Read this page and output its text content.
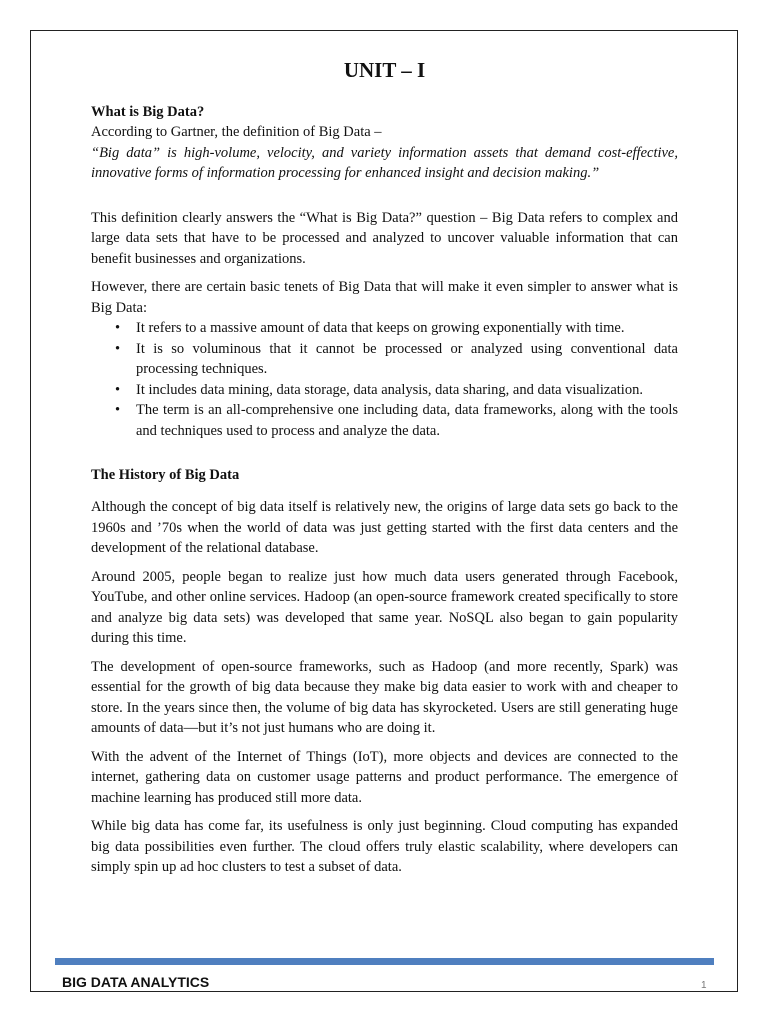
UNIT – I
What is Big Data?

According to Gartner, the definition of Big Data –

“Big data” is high-volume, velocity, and variety information assets that demand cost-effective, innovative forms of information processing for enhanced insight and decision making.”

This definition clearly answers the “What is Big Data?” question – Big Data refers to complex and large data sets that have to be processed and analyzed to uncover valuable information that can benefit businesses and organizations.

However, there are certain basic tenets of Big Data that will make it even simpler to answer what is Big Data:

• It refers to a massive amount of data that keeps on growing exponentially with time.
• It is so voluminous that it cannot be processed or analyzed using conventional data processing techniques.
• It includes data mining, data storage, data analysis, data sharing, and data visualization.
• The term is an all-comprehensive one including data, data frameworks, along with the tools and techniques used to process and analyze the data.
The History of Big Data

Although the concept of big data itself is relatively new, the origins of large data sets go back to the 1960s and ’70s when the world of data was just getting started with the first data centers and the development of the relational database.

Around 2005, people began to realize just how much data users generated through Facebook, YouTube, and other online services. Hadoop (an open-source framework created specifically to store and analyze big data sets) was developed that same year. NoSQL also began to gain popularity during this time.

The development of open-source frameworks, such as Hadoop (and more recently, Spark) was essential for the growth of big data because they make big data easier to work with and cheaper to store. In the years since then, the volume of big data has skyrocketed. Users are still generating huge amounts of data—but it’s not just humans who are doing it.

With the advent of the Internet of Things (IoT), more objects and devices are connected to the internet, gathering data on customer usage patterns and product performance. The emergence of machine learning has produced still more data.

While big data has come far, its usefulness is only just beginning. Cloud computing has expanded big data possibilities even further. The cloud offers truly elastic scalability, where developers can simply spin up ad hoc clusters to test a subset of data.

BIG DATA ANALYTICS	1
